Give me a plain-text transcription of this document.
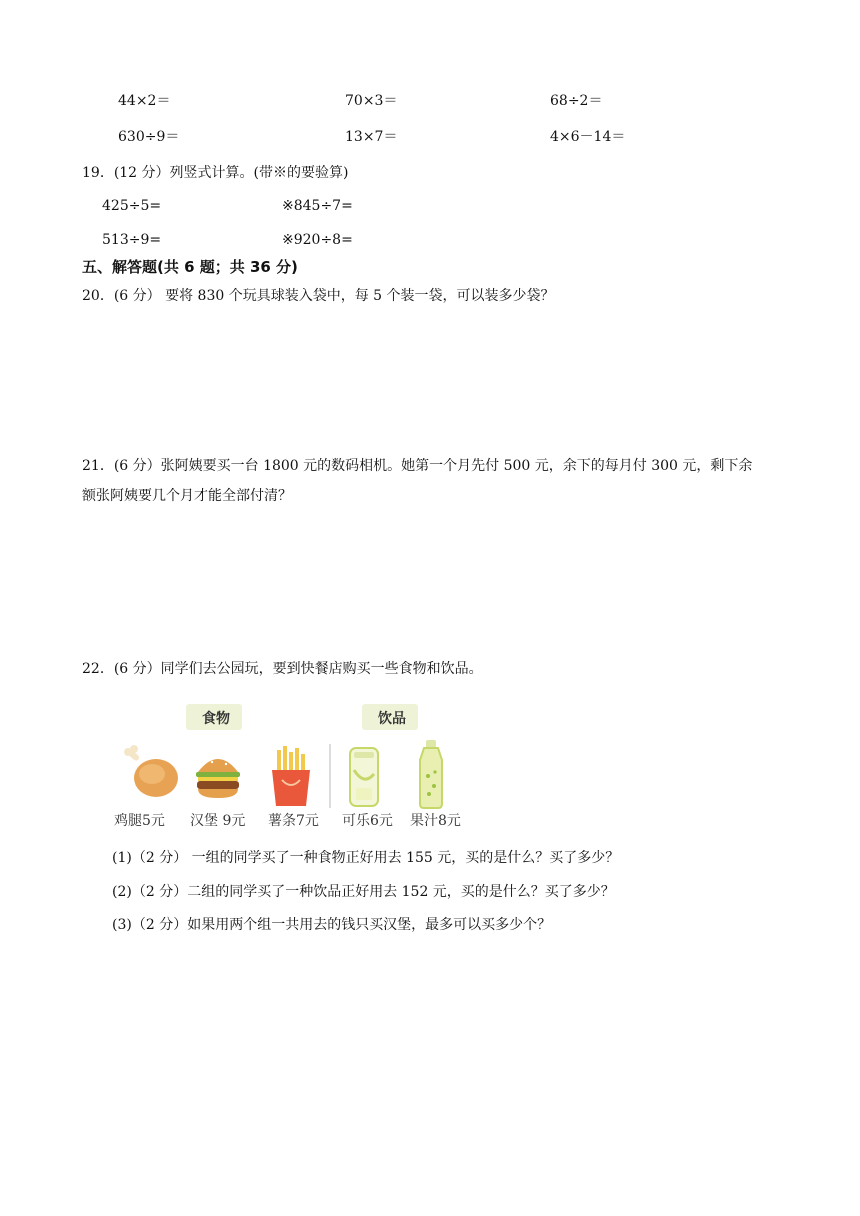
44×2＝	70×3＝	68÷2＝
630÷9＝	13×7＝	4×6－14＝
19．(12 分）列竖式计算。(带※的要验算)
425÷5=	※845÷7=
513÷9=	※920÷8=
五、解答题(共 6 题；共 36 分)
20．(6 分） 要将 830 个玩具球装入袋中，每 5 个装一袋，可以装多少袋？
21．(6 分）张阿姨要买一台 1800 元的数码相机。她第一个月先付 500 元，余下的每月付 300 元，剩下余
额张阿姨要几个月才能全部付清？
22．(6 分）同学们去公园玩，要到快餐店购买一些食物和饮品。
食物	饮品
鸡腿5元 汉堡 9元 薯条7元 可乐6元 果汁8元
(1)（2 分） 一组的同学买了一种食物正好用去 155 元，买的是什么？买了多少？
(2)（2 分）二组的同学买了一种饮品正好用去 152 元，买的是什么？买了多少？
(3)（2 分）如果用两个组一共用去的钱只买汉堡，最多可以买多少个？
